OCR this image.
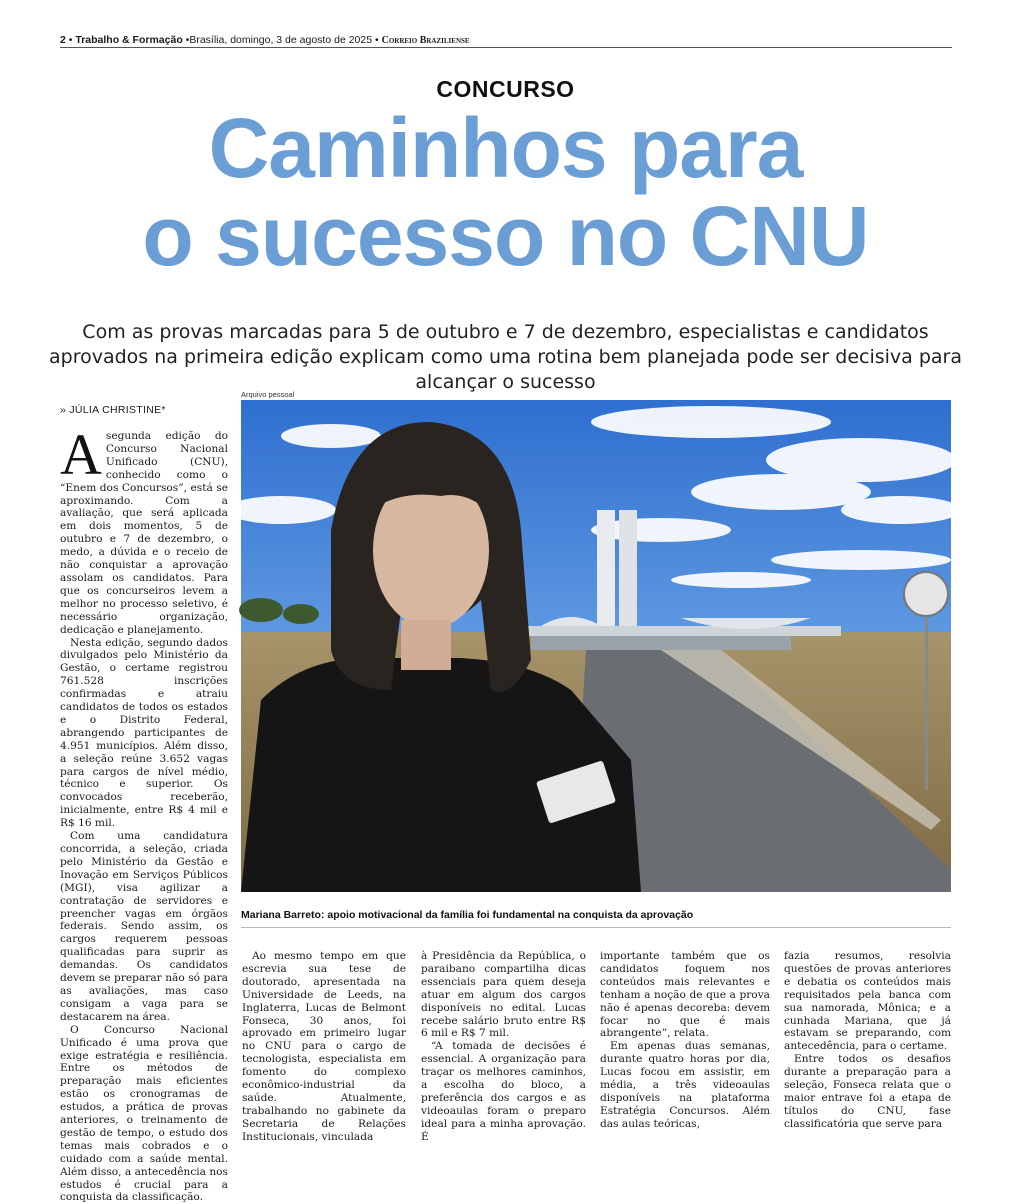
2 • Trabalho & Formação •Brasília, domingo, 3 de agosto de 2025 • Correio Braziliense
CONCURSO
Caminhos para
o sucesso no CNU
Com as provas marcadas para 5 de outubro e 7 de dezembro, especialistas e candidatos aprovados na primeira edição explicam como uma rotina bem planejada pode ser decisiva para alcançar o sucesso
» JÚLIA CHRISTINE*
Arquivo pessoal
Mariana Barreto: apoio motivacional da família foi fundamental na conquista da aprovação

A segunda edição do Concurso Nacional Unificado (CNU), conhecido como o “Enem dos Concursos”, está se aproximando. Com a avaliação, que será aplicada em dois momentos, 5 de outubro e 7 de dezembro, o medo, a dúvida e o receio de não conquistar a aprovação assolam os candidatos. Para que os concurseiros levem a melhor no processo seletivo, é necessário organização, dedicação e planejamento.

Nesta edição, segundo dados divulgados pelo Ministério da Gestão, o certame registrou 761.528 inscrições confirmadas e atraiu candidatos de todos os estados e o Distrito Federal, abrangendo participantes de 4.951 municípios. Além disso, a seleção reúne 3.652 vagas para cargos de nível médio, técnico e superior. Os convocados receberão, inicialmente, entre R$ 4 mil e R$ 16 mil.

Com uma candidatura concorrida, a seleção, criada pelo Ministério da Gestão e Inovação em Serviços Públicos (MGI), visa agilizar a contratação de servidores e preencher vagas em órgãos federais. Sendo assim, os cargos requerem pessoas qualificadas para suprir as demandas. Os candidatos devem se preparar não só para as avaliações, mas caso consigam a vaga para se destacarem na área.

O Concurso Nacional Unificado é uma prova que exige estratégia e resiliência. Entre os métodos de preparação mais eficientes estão os cronogramas de estudos, a prática de provas anteriores, o treinamento de gestão de tempo, o estudo dos temas mais cobrados e o cuidado com a saúde mental. Além disso, a antecedência nos estudos é crucial para a conquista da classificação.

Ao mesmo tempo em que escrevia sua tese de doutorado, apresentada na Universidade de Leeds, na Inglaterra, Lucas de Belmont Fonseca, 30 anos, foi aprovado em primeiro lugar no CNU para o cargo de tecnologista, especialista em fomento do complexo econômico-industrial da saúde. Atualmente, trabalhando no gabinete da Secretaria de Relações Institucionais, vinculada

à Presidência da República, o paraibano compartilha dicas essenciais para quem deseja atuar em algum dos cargos disponíveis no edital. Lucas recebe salário bruto entre R$ 6 mil e R$ 7 mil.

“A tomada de decisões é essencial. A organização para traçar os melhores caminhos, a escolha do bloco, a preferência dos cargos e as videoaulas foram o preparo ideal para a minha aprovação. É

importante também que os candidatos foquem nos conteúdos mais relevantes e tenham a noção de que a prova não é apenas decoreba: devem focar no que é mais abrangente”, relata.

Em apenas duas semanas, durante quatro horas por dia, Lucas focou em assistir, em média, a três videoaulas disponíveis na plataforma Estratégia Concursos. Além das aulas teóricas,

fazia resumos, resolvia questões de provas anteriores e debatia os conteúdos mais requisitados pela banca com sua namorada, Mônica; e a cunhada Mariana, que já estavam se preparando, com antecedência, para o certame.

Entre todos os desafios durante a preparação para a seleção, Fonseca relata que o maior entrave foi a etapa de títulos do CNU, fase classificatória que serve para
